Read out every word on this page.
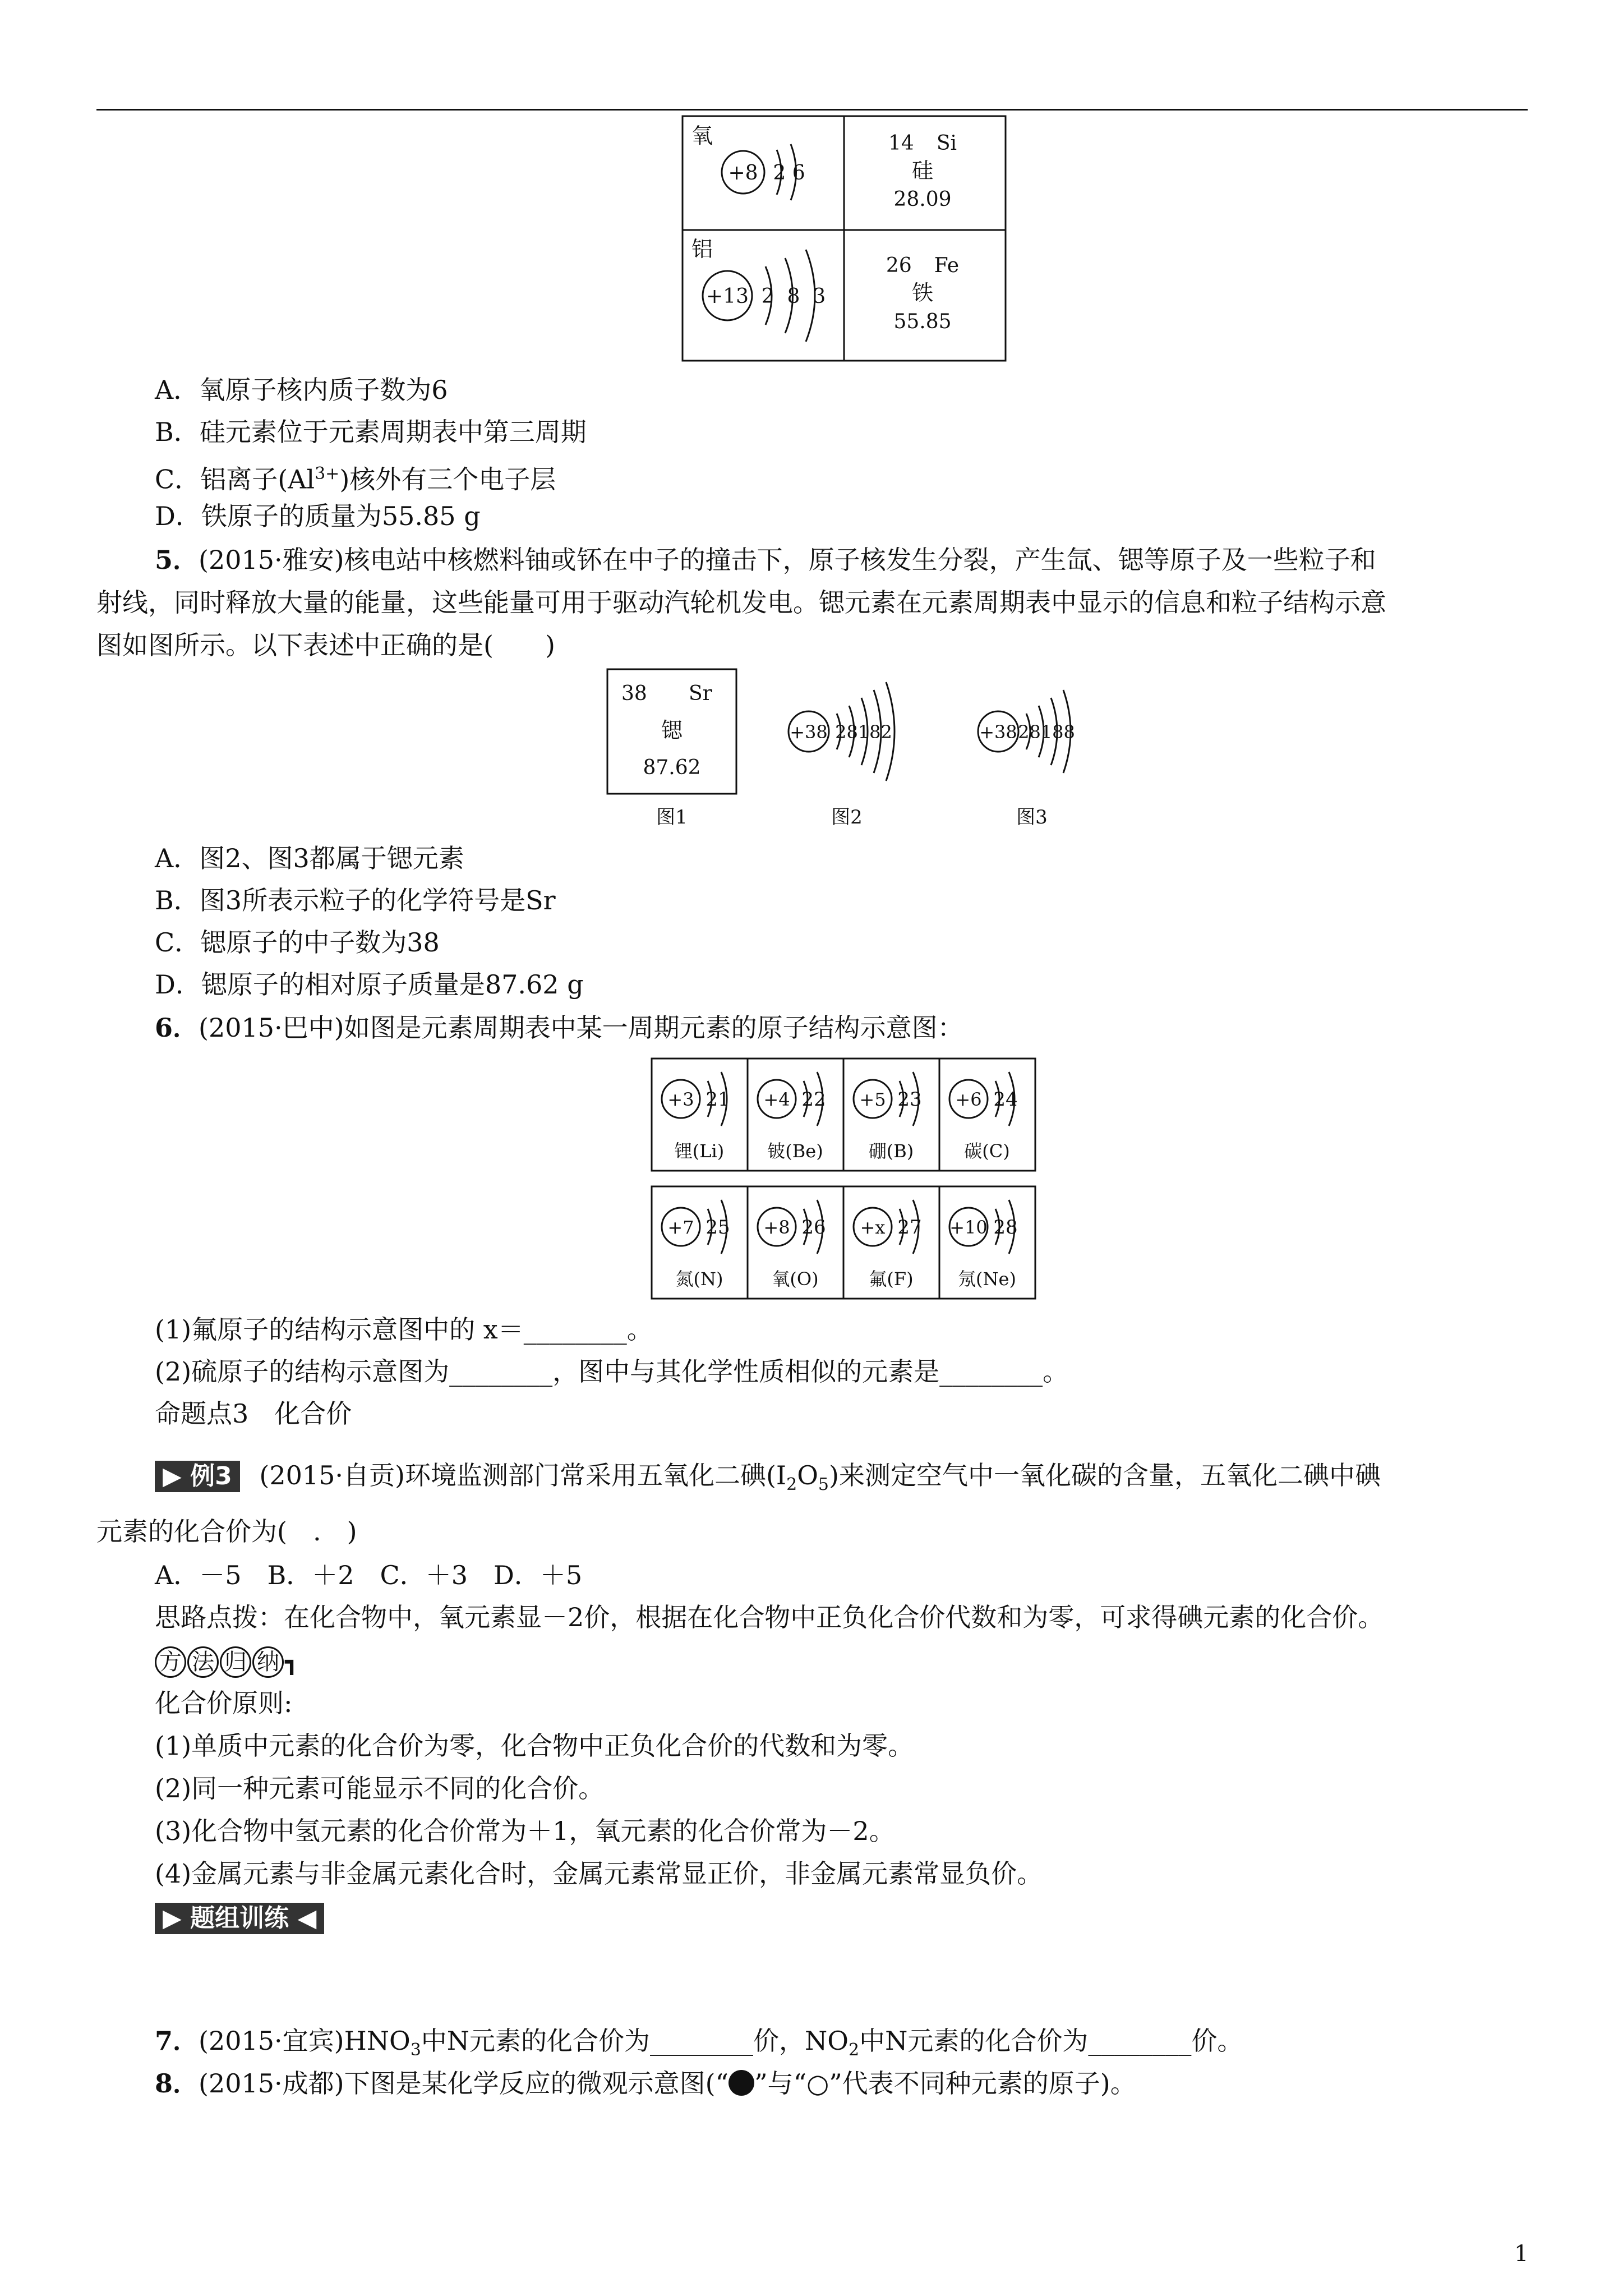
氧
+8 2 6
14 Si
硅
28.09
铝
+13 2  8  3
26 Fe
铁
55.85
A．氧原子核内质子数为6
B．硅元素位于元素周期表中第三周期
C．铝离子$(Al^{3+})$核外有三个电子层
D．铁原子的质量为55.85 g
5．(2015·雅安)核电站中核燃料铀或钚在中子的撞击下，原子核发生分裂，产生氙、锶等原子及一些粒子和
射线，同时释放大量的能量，这些能量可用于驱动汽轮机发电。锶元素在元素周期表中显示的信息和粒子结构示意
图如图所示。以下表述中正确的是(　　)
38 Sr
锶
87.62
图1
+38 28182
图2
+38 28188
图3
A．图2、图3都属于锶元素
B．图3所表示粒子的化学符号是Sr
C．锶原子的中子数为38
D．锶原子的相对原子质量是87.62 g
6．(2015·巴中)如图是元素周期表中某一周期元素的原子结构示意图：
+3 21
锂(Li)
+4 22
铍(Be)
+5 23
硼(B)
+6 24
碳(C)
+7 25
氮(N)
+8 26
氧(O)
+x 27
氟(F)
+10 28
氖(Ne)
(1)氟原子的结构示意图中的 x＝________。
(2)硫原子的结构示意图为________，图中与其化学性质相似的元素是________。
命题点3　化合价
▶ 例3 (2015·自贡)环境监测部门常采用五氧化二碘$(I_2O_5)$来测定空气中一氧化碳的含量，五氧化二碘中碘
元素的化合价为(　.　)
A．－5　B．＋2　C．＋3　D．＋5
思路点拨：在化合物中，氧元素显－2价，根据在化合物中正负化合价代数和为零，可求得碘元素的化合价。
方 法 归 纳 ┓
化合价原则:
(1)单质中元素的化合价为零，化合物中正负化合价的代数和为零。
(2)同一种元素可能显示不同的化合价。
(3)化合物中氢元素的化合价常为＋1，氧元素的化合价常为－2。
(4)金属元素与非金属元素化合时，金属元素常显正价，非金属元素常显负价。
▶ 题组训练 ◀
7．(2015·宜宾)$HNO_3$中N元素的化合价为________价，$NO_2$中N元素的化合价为________价。
8．(2015·成都)下图是某化学反应的微观示意图(“ ”与“○”代表不同种元素的原子)。
1
